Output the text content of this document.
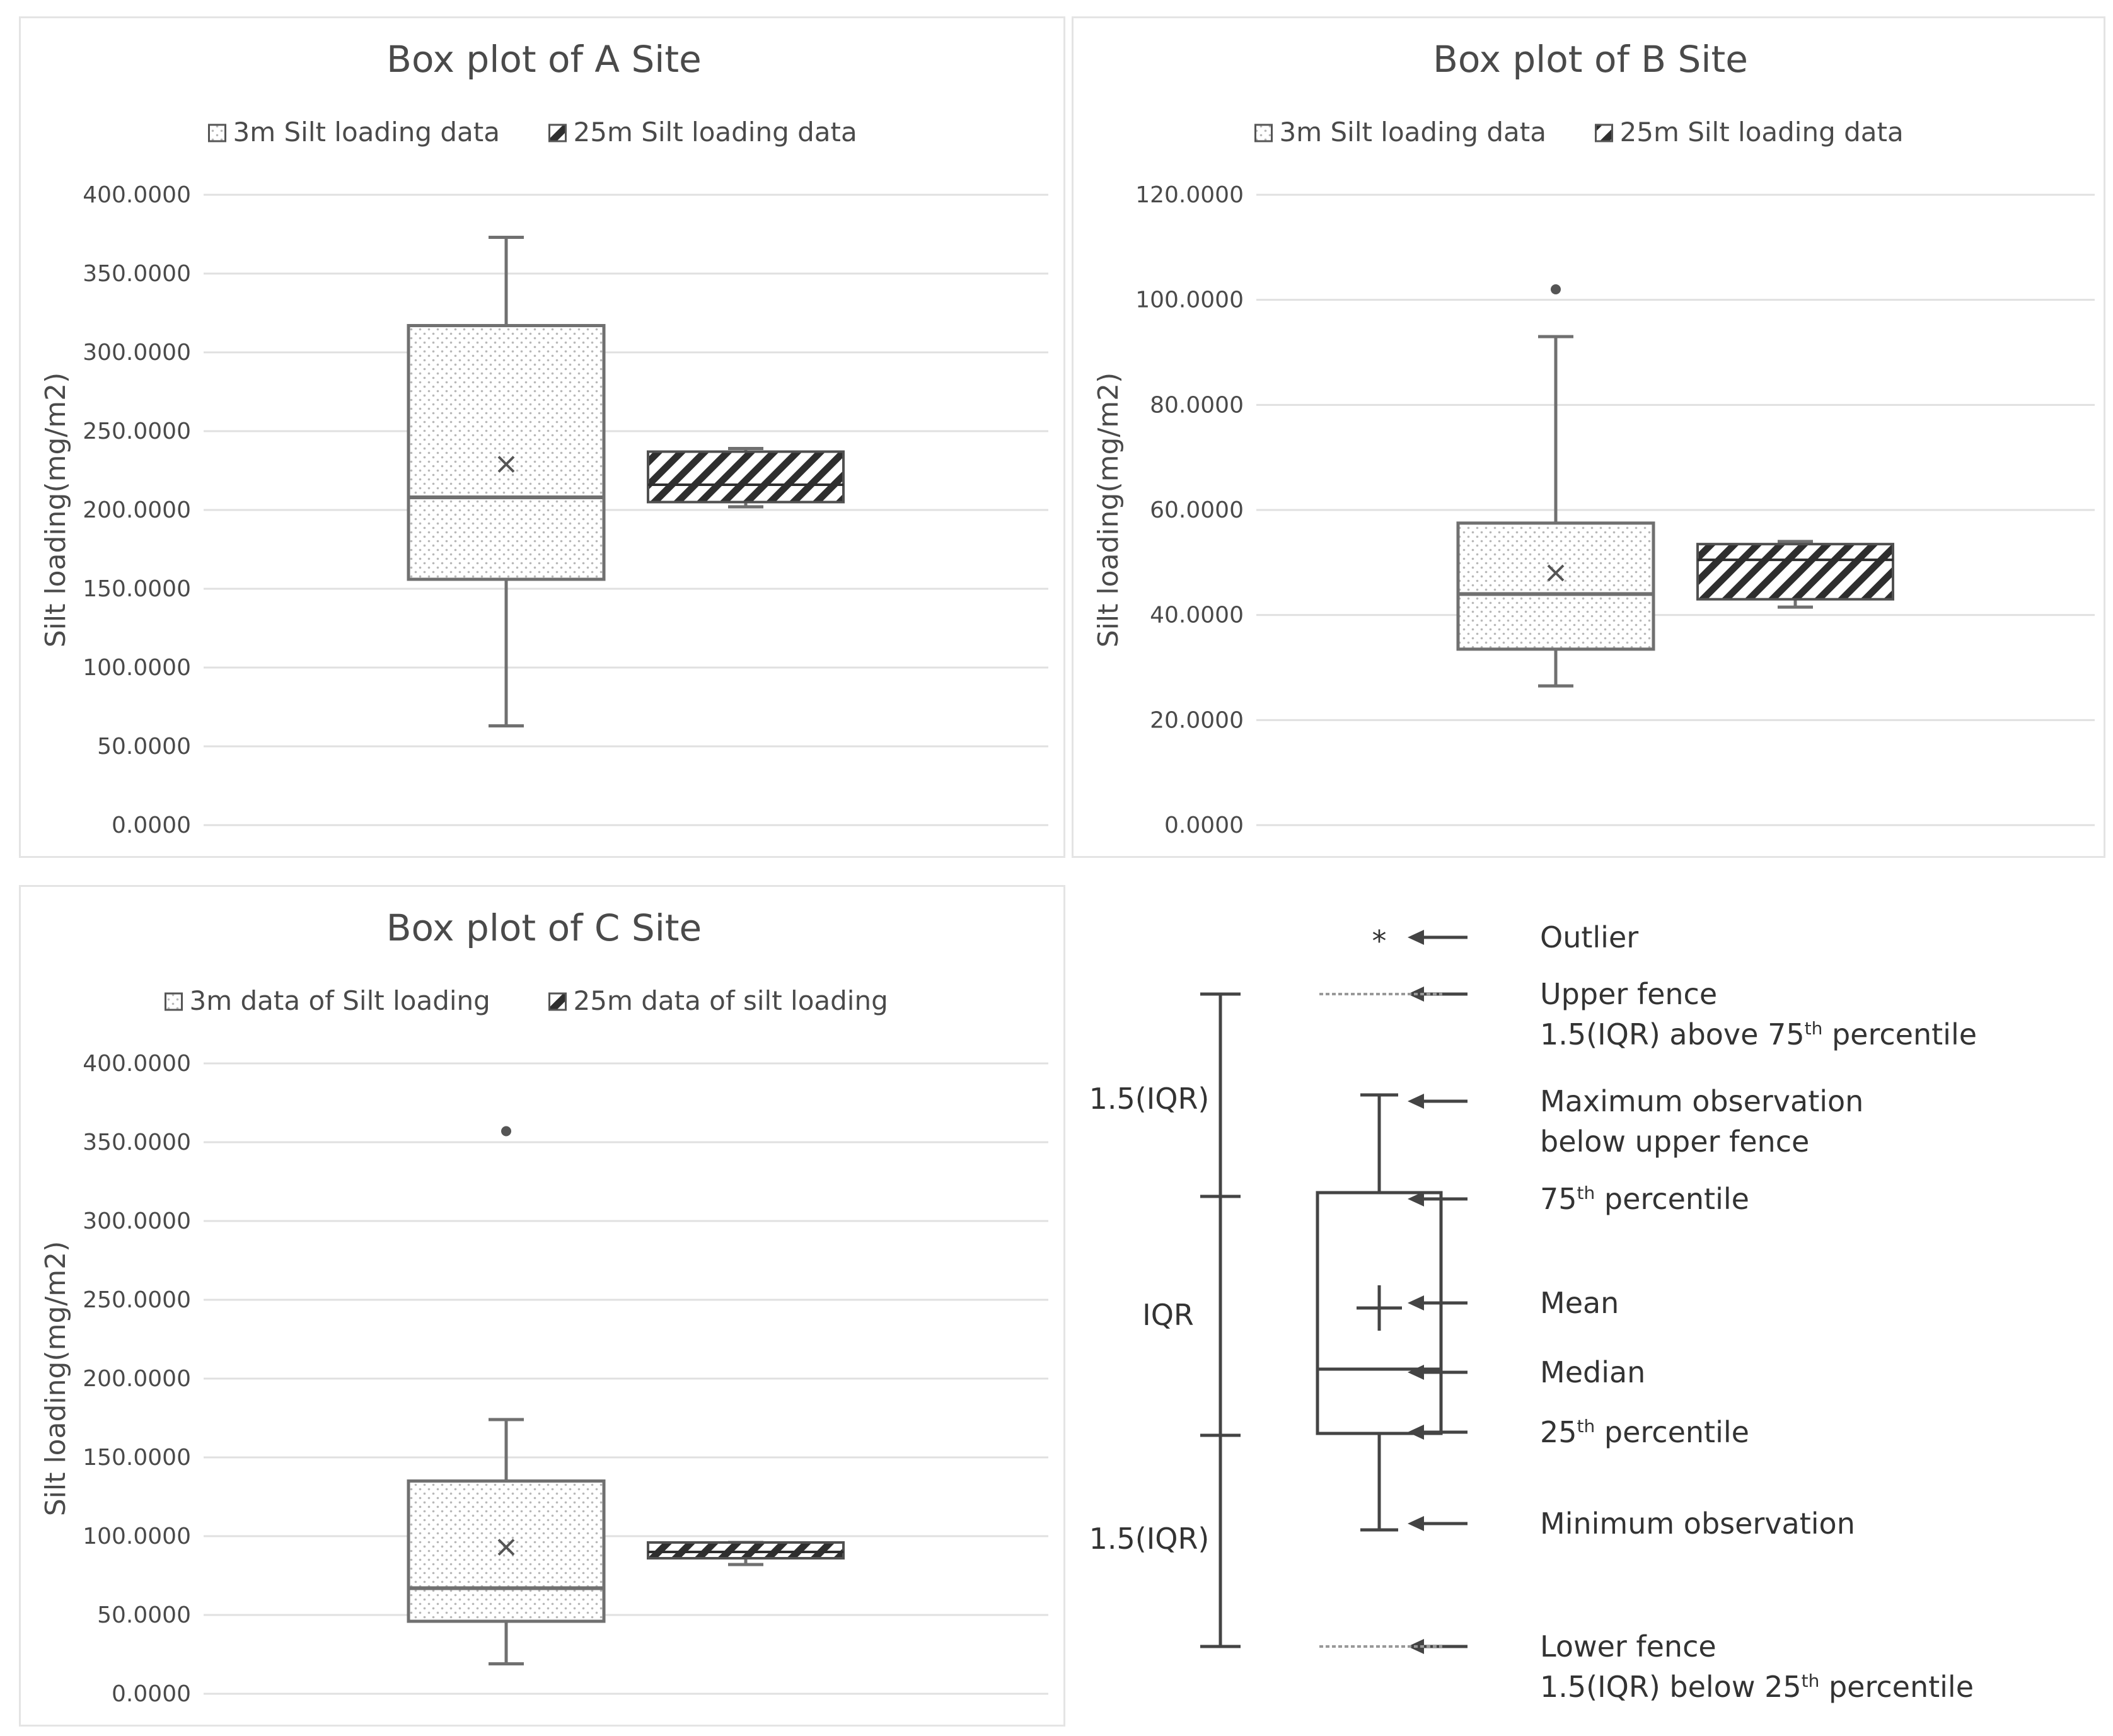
Box plot of A Site
3m Silt loading data	25m Silt loading data
0.0000
50.0000
100.0000
150.0000
200.0000
250.0000
300.0000
350.0000
400.0000
Silt loading(mg/m2)
Box plot of B Site
3m Silt loading data	25m Silt loading data
0.0000
20.0000
40.0000
60.0000
80.0000
100.0000
120.0000
Silt loading(mg/m2)
Box plot of C Site
3m data of Silt loading	25m data of silt loading
0.0000
50.0000
100.0000
150.0000
200.0000
250.0000
300.0000
350.0000
400.0000
Silt loading(mg/m2)
Outlier
Upper fence
1.5(IQR) above 75th percentile
Maximum observation
below upper fence
75th percentile
Mean
Median
25th percentile
Minimum observation
Lower fence
1.5(IQR) below 25th percentile
*
1.5(IQR)
IQR
1.5(IQR)
